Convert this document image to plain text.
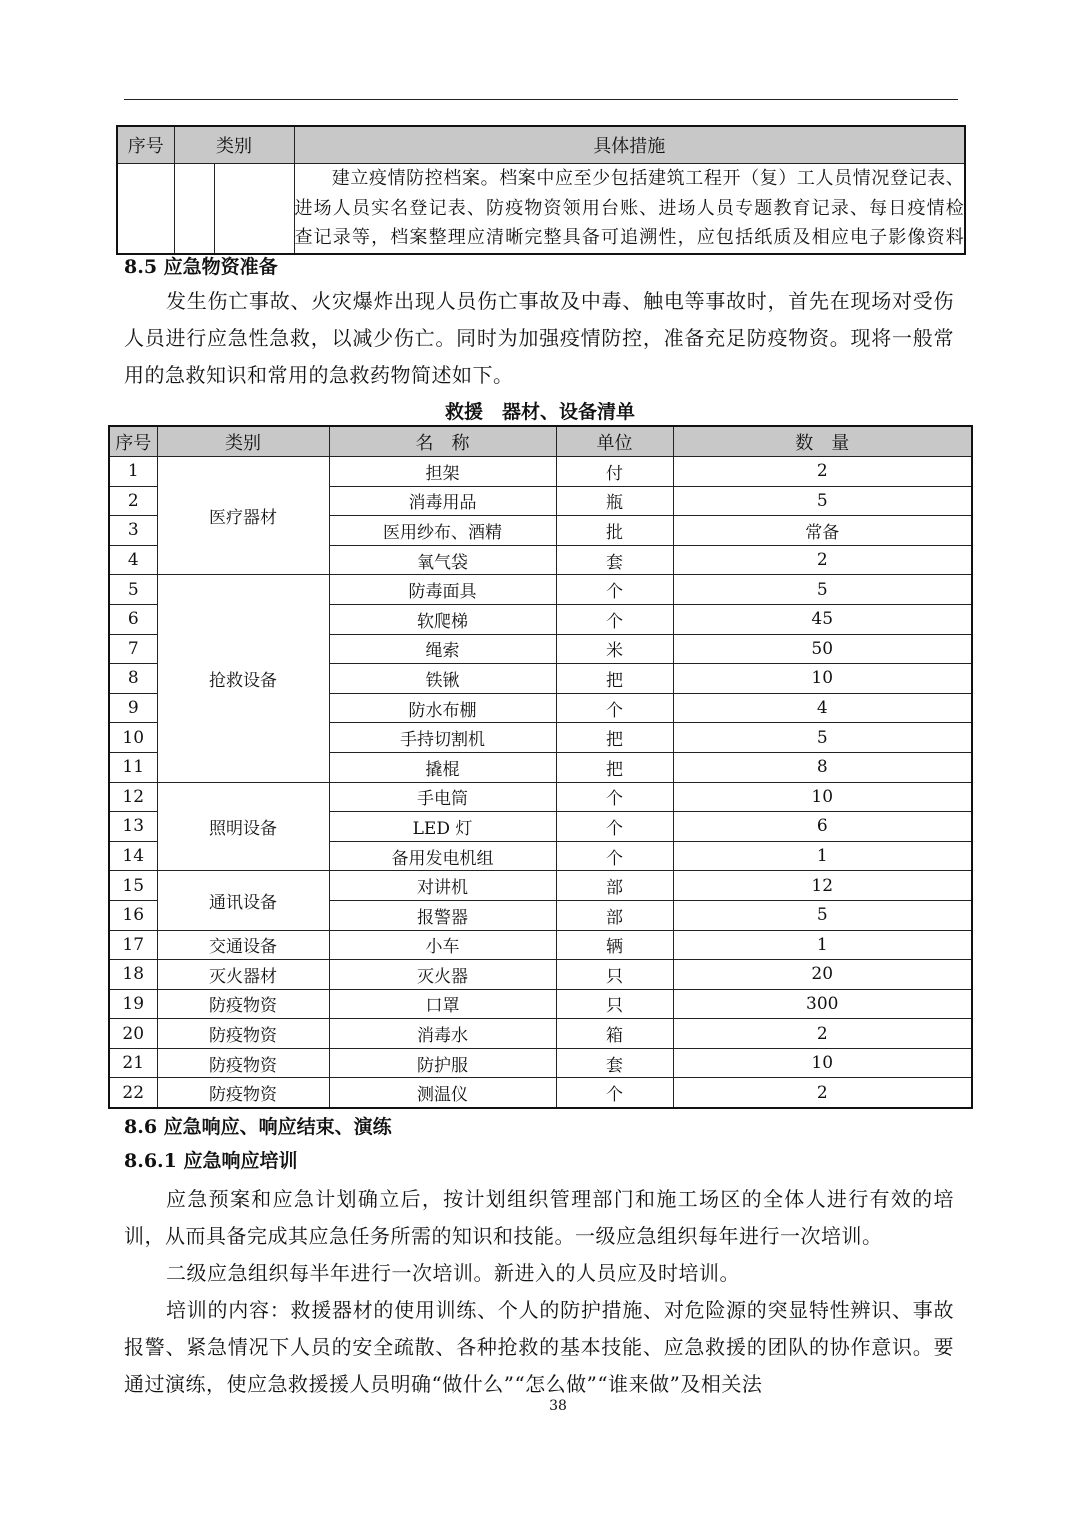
序号	类别		具体措施

			　　建立疫情防控档案。档案中应至少包括建筑工程开（复）工人员情况登记表、
进场人员实名登记表、防疫物资领用台账、进场人员专题教育记录、每日疫情检
查记录等，档案整理应清晰完整具备可追溯性，应包括纸质及相应电子影像资料
8.5 应急物资准备
发生伤亡事故、火灾爆炸出现人员伤亡事故及中毒、触电等事故时，首先在现场对受伤人员进行应急性急救，以减少伤亡。同时为加强疫情防控，准备充足防疫物资。现将一般常用的急救知识和常用的急救药物简述如下。
救援　器材、设备清单
序号	类别	名　称	单位	数　量
1	医疗器材	担架	付	2
2		消毒用品	瓶	5
3		医用纱布、酒精	批	常备
4		氧气袋	套	2
5	抢救设备	防毒面具	个	5
6		软爬梯	个	45
7		绳索	米	50
8		铁锹	把	10
9		防水布棚	个	4
10		手持切割机	把	5
11		撬棍	把	8
12	照明设备	手电筒	个	10
13		LED 灯	个	6
14		备用发电机组	个	1
15	通讯设备	对讲机	部	12
16		报警器	部	5
17	交通设备	小车	辆	1
18	灭火器材	灭火器	只	20
19	防疫物资	口罩	只	300
20	防疫物资	消毒水	箱	2
21	防疫物资	防护服	套	10
22	防疫物资	测温仪	个	2
8.6 应急响应、响应结束、演练
8.6.1 应急响应培训
应急预案和应急计划确立后，按计划组织管理部门和施工场区的全体人进行有效的培训，从而具备完成其应急任务所需的知识和技能。一级应急组织每年进行一次培训。
二级应急组织每半年进行一次培训。新进入的人员应及时培训。
培训的内容：救援器材的使用训练、个人的防护措施、对危险源的突显特性辨识、事故报警、紧急情况下人员的安全疏散、各种抢救的基本技能、应急救援的团队的协作意识。要通过演练，使应急救援援人员明确“做什么”“怎么做”“谁来做”及相关法
38
